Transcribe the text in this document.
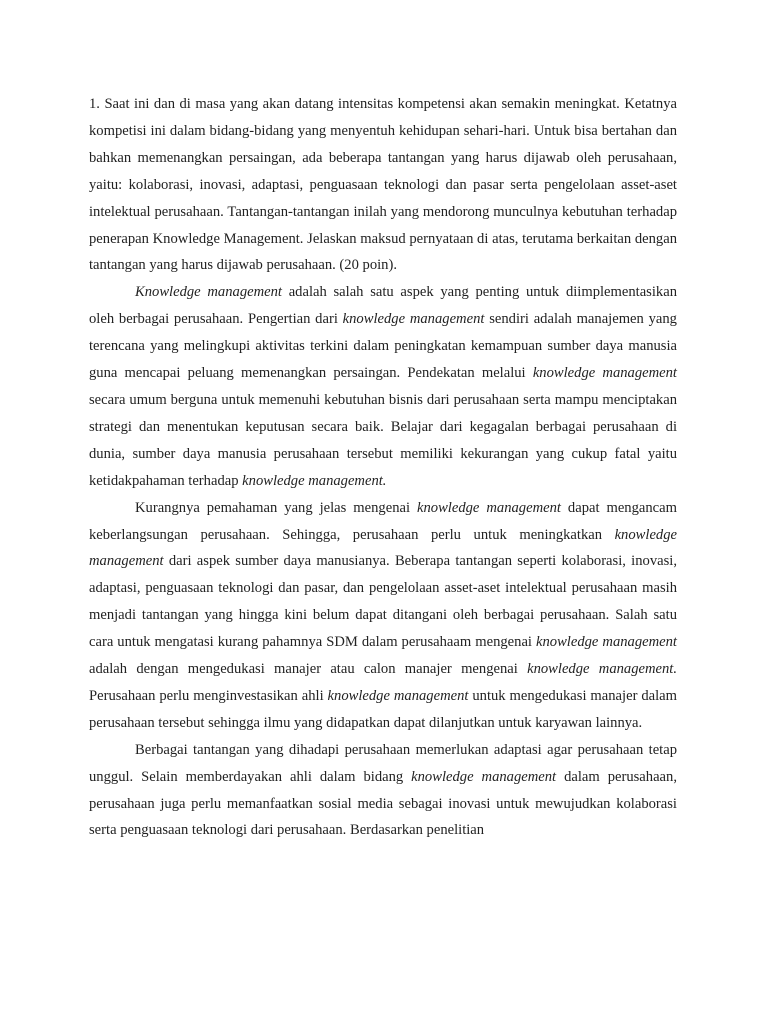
1. Saat ini dan di masa yang akan datang intensitas kompetensi akan semakin meningkat. Ketatnya kompetisi ini dalam bidang-bidang yang menyentuh kehidupan sehari-hari. Untuk bisa bertahan dan bahkan memenangkan persaingan, ada beberapa tantangan yang harus dijawab oleh perusahaan, yaitu: kolaborasi, inovasi, adaptasi, penguasaan teknologi dan pasar serta pengelolaan asset-aset intelektual perusahaan. Tantangan-tantangan inilah yang mendorong munculnya kebutuhan terhadap penerapan Knowledge Management. Jelaskan maksud pernyataan di atas, terutama berkaitan dengan tantangan yang harus dijawab perusahaan. (20 poin).

Knowledge management adalah salah satu aspek yang penting untuk diimplementasikan oleh berbagai perusahaan. Pengertian dari knowledge management sendiri adalah manajemen yang terencana yang melingkupi aktivitas terkini dalam peningkatan kemampuan sumber daya manusia guna mencapai peluang memenangkan persaingan. Pendekatan melalui knowledge management secara umum berguna untuk memenuhi kebutuhan bisnis dari perusahaan serta mampu menciptakan strategi dan menentukan keputusan secara baik. Belajar dari kegagalan berbagai perusahaan di dunia, sumber daya manusia perusahaan tersebut memiliki kekurangan yang cukup fatal yaitu ketidakpahaman terhadap knowledge management.

Kurangnya pemahaman yang jelas mengenai knowledge management dapat mengancam keberlangsungan perusahaan. Sehingga, perusahaan perlu untuk meningkatkan knowledge management dari aspek sumber daya manusianya. Beberapa tantangan seperti kolaborasi, inovasi, adaptasi, penguasaan teknologi dan pasar, dan pengelolaan asset-aset intelektual perusahaan masih menjadi tantangan yang hingga kini belum dapat ditangani oleh berbagai perusahaan. Salah satu cara untuk mengatasi kurang pahamnya SDM dalam perusahaam mengenai knowledge management adalah dengan mengedukasi manajer atau calon manajer mengenai knowledge management. Perusahaan perlu menginvestasikan ahli knowledge management untuk mengedukasi manajer dalam perusahaan tersebut sehingga ilmu yang didapatkan dapat dilanjutkan untuk karyawan lainnya.

Berbagai tantangan yang dihadapi perusahaan memerlukan adaptasi agar perusahaan tetap unggul. Selain memberdayakan ahli dalam bidang knowledge management dalam perusahaan, perusahaan juga perlu memanfaatkan sosial media sebagai inovasi untuk mewujudkan kolaborasi serta penguasaan teknologi dari perusahaan. Berdasarkan penelitian
